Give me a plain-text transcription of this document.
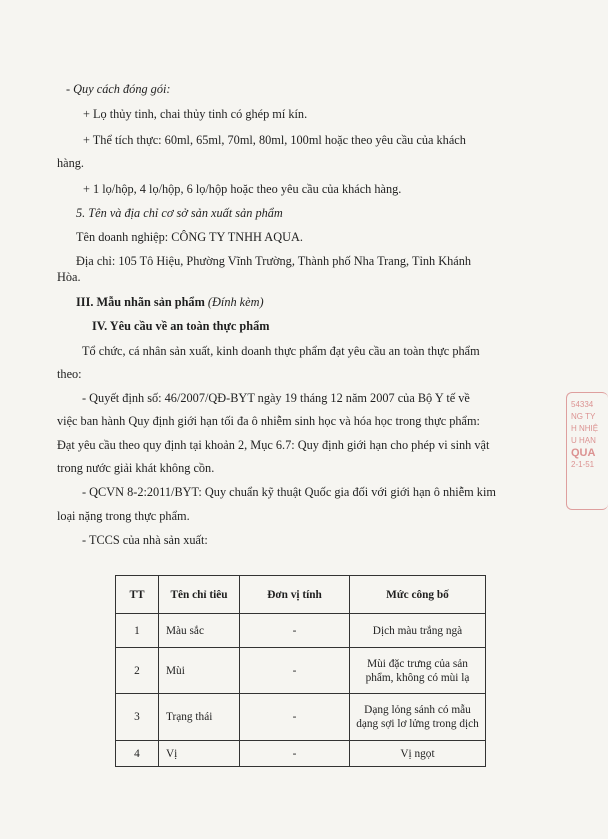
- Quy cách đóng gói:
+ Lọ thủy tinh, chai thủy tinh có ghép mí kín.
+ Thể tích thực: 60ml, 65ml, 70ml, 80ml, 100ml hoặc theo yêu cầu của khách
hàng.
+ 1 lọ/hộp, 4 lọ/hộp, 6 lọ/hộp hoặc theo yêu cầu của khách hàng.
5. Tên và địa chỉ cơ sở sản xuất sản phẩm
Tên doanh nghiệp: CÔNG TY TNHH AQUA.
Địa chỉ: 105 Tô Hiệu, Phường Vĩnh Trường, Thành phố Nha Trang, Tỉnh Khánh
Hòa.
III. Mẫu nhãn sản phẩm (Đính kèm)
IV. Yêu cầu về an toàn thực phẩm
Tổ chức, cá nhân sản xuất, kinh doanh thực phẩm đạt yêu cầu an toàn thực phẩm
theo:
- Quyết định số: 46/2007/QĐ-BYT ngày 19 tháng 12 năm 2007 của Bộ Y tế về
việc ban hành Quy định giới hạn tối đa ô nhiễm sinh học và hóa học trong thực phẩm:
Đạt yêu cầu theo quy định tại khoản 2, Mục 6.7: Quy định giới hạn cho phép vi sinh vật
trong nước giải khát không cồn.
- QCVN 8-2:2011/BYT: Quy chuẩn kỹ thuật Quốc gia đối với giới hạn ô nhiễm kim
loại nặng trong thực phẩm.
- TCCS của nhà sản xuất:
54334
NG TY
H NHIỆ
U HẠN
QUA
2-1-51
TT	Tên chỉ tiêu	Đơn vị tính	Mức công bố
1	Màu sắc	-	Dịch màu trắng ngà
2	Mùi	-	Mùi đặc trưng của sản phẩm, không có mùi lạ
3	Trạng thái	-	Dạng lỏng sánh có mẫu dạng sợi lơ lửng trong dịch
4	Vị	-	Vị ngọt
